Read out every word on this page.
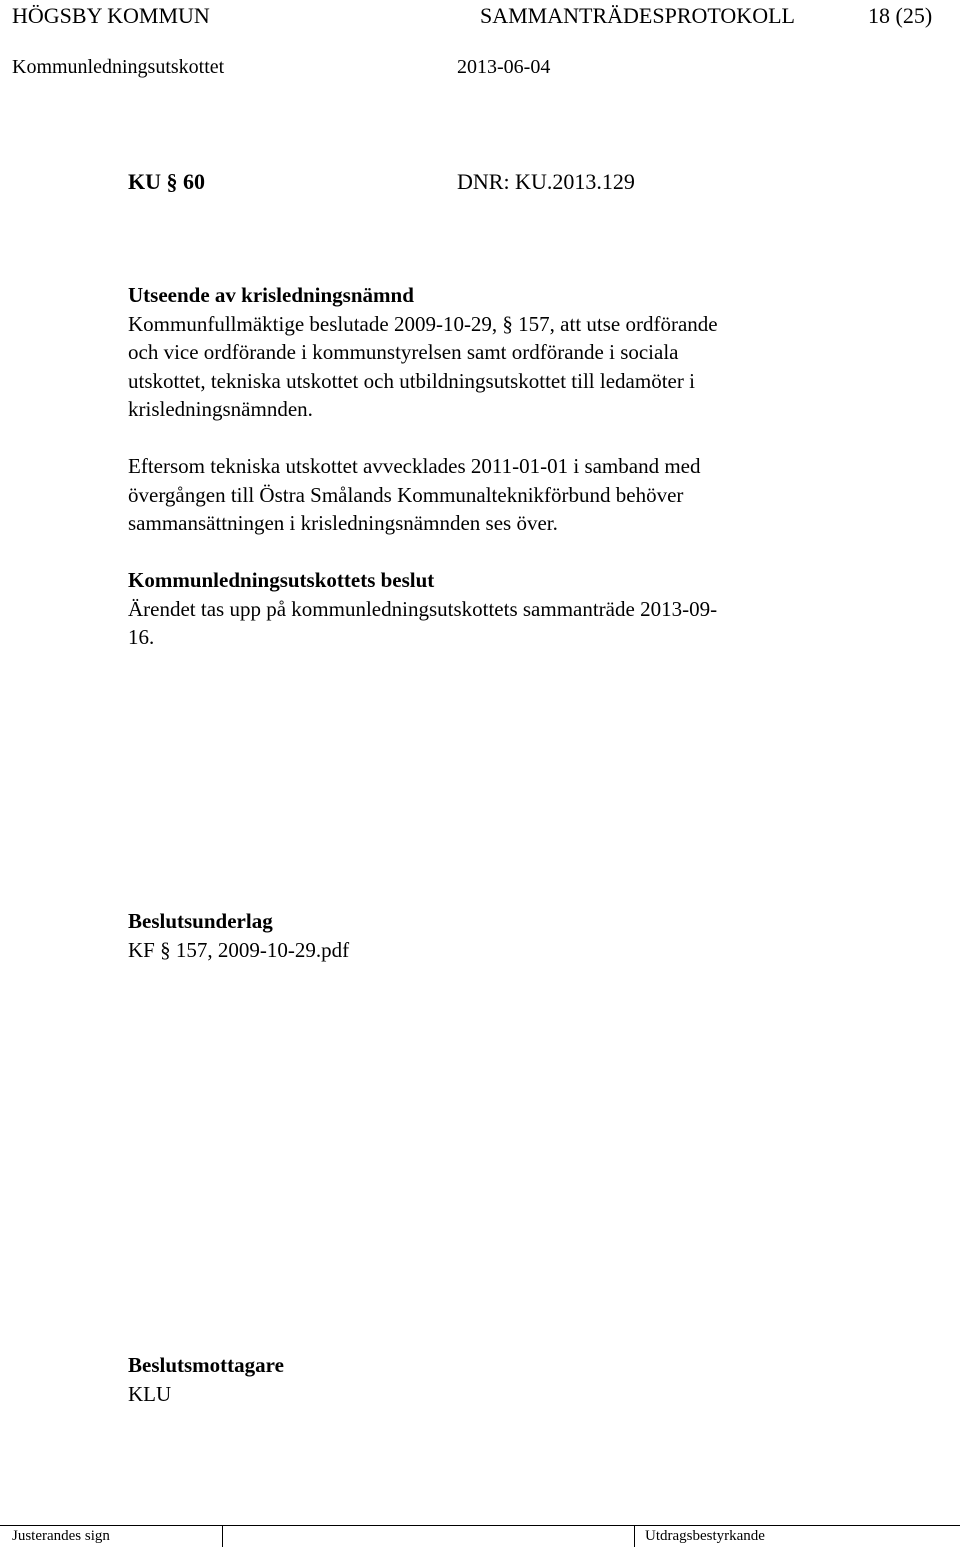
HÖGSBY KOMMUN	SAMMANTRÄDESPROTOKOLL	18 (25)
Kommunledningsutskottet	2013-06-04
KU § 60	DNR: KU.2013.129
Utseende av krisledningsnämnd
Kommunfullmäktige beslutade 2009-10-29, § 157, att utse ordförande
och vice ordförande i kommunstyrelsen samt ordförande i sociala
utskottet, tekniska utskottet och utbildningsutskottet till ledamöter i
krisledningsnämnden.
Eftersom tekniska utskottet avvecklades 2011-01-01 i samband med
övergången till Östra Smålands Kommunalteknikförbund behöver
sammansättningen i krisledningsnämnden ses över.
Kommunledningsutskottets beslut
Ärendet tas upp på kommunledningsutskottets sammanträde 2013-09-
16.
Beslutsunderlag
KF § 157, 2009-10-29.pdf
Beslutsmottagare
KLU
Justerandes sign	Utdragsbestyrkande
